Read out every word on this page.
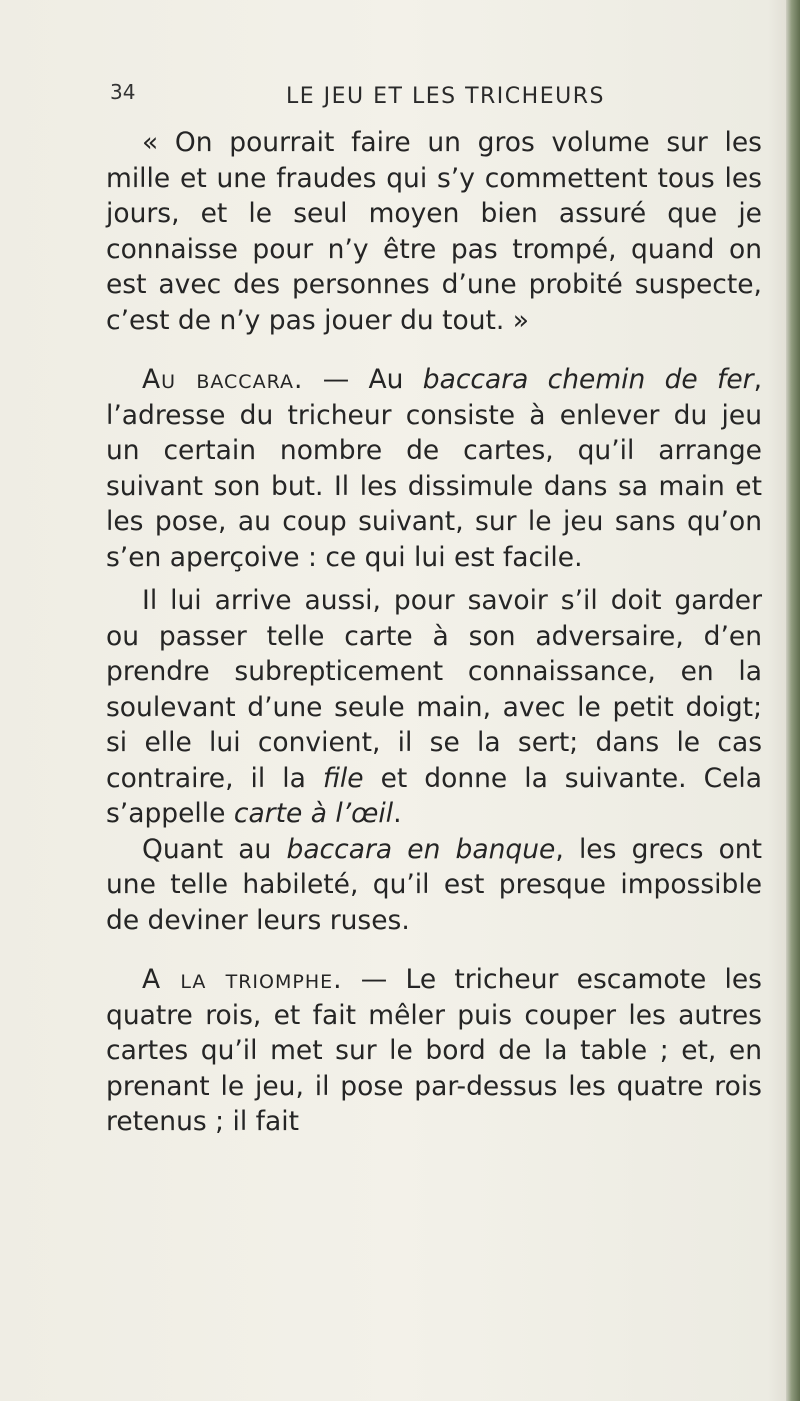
34	LE JEU ET LES TRICHEURS

« On pourrait faire un gros volume sur les mille et une fraudes qui s’y commettent tous les jours, et le seul moyen bien assuré que je connaisse pour n’y être pas trompé, quand on est avec des personnes d’une probité suspecte, c’est de n’y pas jouer du tout. »

Au baccara. — Au baccara chemin de fer, l’adresse du tricheur consiste à enlever du jeu un certain nombre de cartes, qu’il arrange suivant son but. Il les dissimule dans sa main et les pose, au coup suivant, sur le jeu sans qu’on s’en aperçoive : ce qui lui est facile.

Il lui arrive aussi, pour savoir s’il doit garder ou passer telle carte à son adversaire, d’en prendre subrepticement connaissance, en la soulevant d’une seule main, avec le petit doigt; si elle lui convient, il se la sert; dans le cas contraire, il la file et donne la suivante. Cela s’appelle carte à l’œil.

Quant au baccara en banque, les grecs ont une telle habileté, qu’il est presque impossible de deviner leurs ruses.

A la triomphe. — Le tricheur escamote les quatre rois, et fait mêler puis couper les autres cartes qu’il met sur le bord de la table ; et, en prenant le jeu, il pose par-dessus les quatre rois retenus ; il fait
